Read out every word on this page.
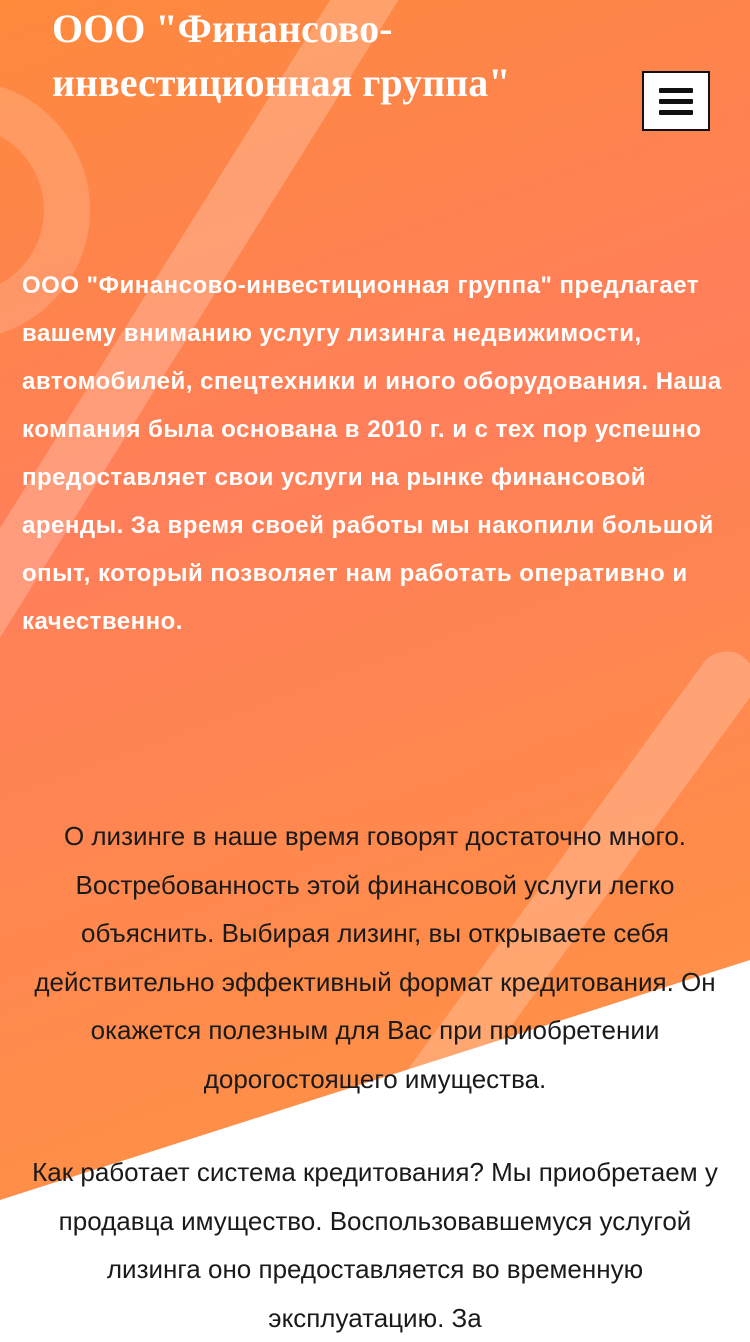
ООО "Финансово-инвестиционная группа"

ООО "Финансово-инвестиционная группа" предлагает вашему вниманию услугу лизинга недвижимости, автомобилей, спецтехники и иного оборудования. Наша компания была основана в 2010 г. и с тех пор успешно предоставляет свои услуги на рынке финансовой аренды. За время своей работы мы накопили большой опыт, который позволяет нам работать оперативно и качественно.

О лизинге в наше время говорят достаточно много. Востребованность этой финансовой услуги легко объяснить. Выбирая лизинг, вы открываете себя действительно эффективный формат кредитования. Он окажется полезным для Вас при приобретении дорогостоящего имущества.

Как работает система кредитования? Мы приобретаем у продавца имущество. Воспользовавшемуся услугой лизинга оно предоставляется во временную эксплуатацию. За
